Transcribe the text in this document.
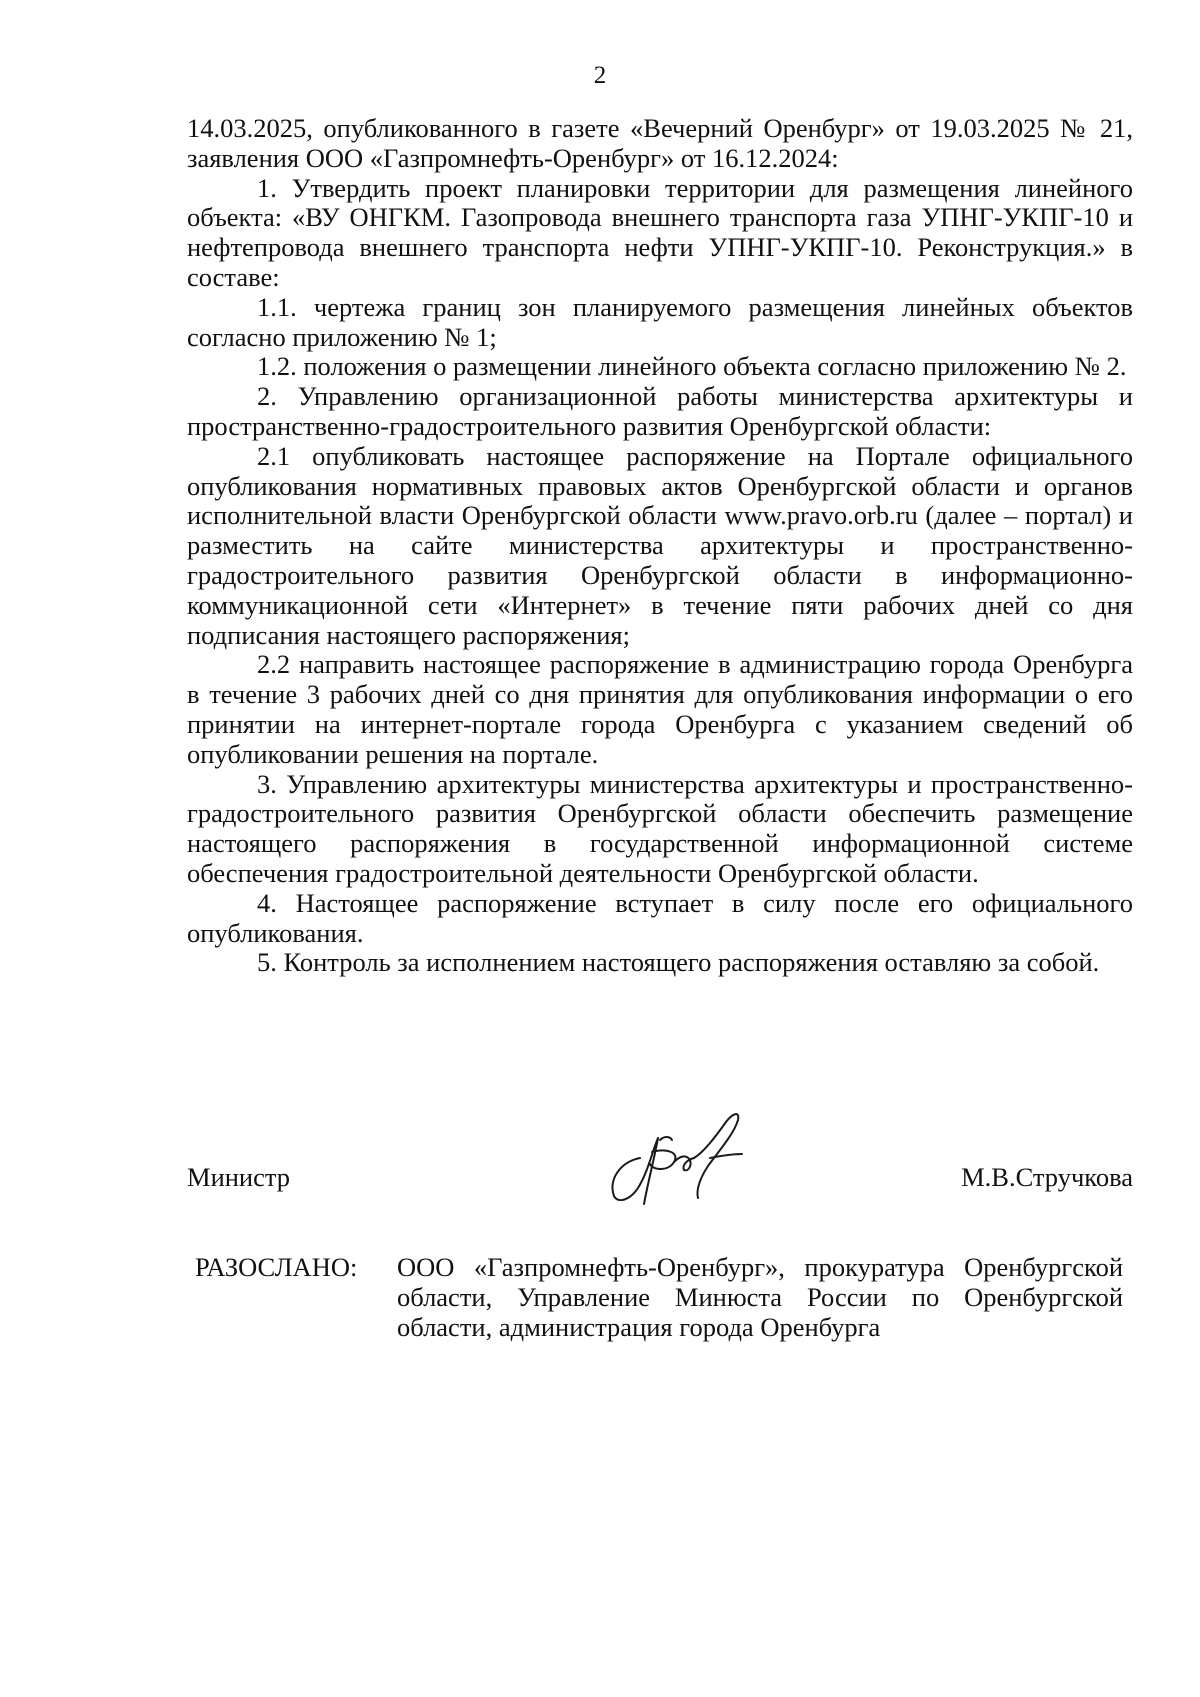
2

14.03.2025, опубликованного в газете «Вечерний Оренбург» от 19.03.2025 № 21, заявления ООО «Газпромнефть-Оренбург» от 16.12.2024:

1. Утвердить проект планировки территории для размещения линейного объекта: «ВУ ОНГКМ. Газопровода внешнего транспорта газа УПНГ-УКПГ-10 и нефтепровода внешнего транспорта нефти УПНГ-УКПГ-10. Реконструкция.» в составе:

1.1. чертежа границ зон планируемого размещения линейных объектов согласно приложению № 1;

1.2. положения о размещении линейного объекта согласно приложению № 2.

2. Управлению организационной работы министерства архитектуры и пространственно-градостроительного развития Оренбургской области:

2.1 опубликовать настоящее распоряжение на Портале официального опубликования нормативных правовых актов Оренбургской области и органов исполнительной власти Оренбургской области www.pravo.orb.ru (далее – портал) и разместить на сайте министерства архитектуры и пространственно-градостроительного развития Оренбургской области в информационно-коммуникационной сети «Интернет» в течение пяти рабочих дней со дня подписания настоящего распоряжения;

2.2 направить настоящее распоряжение в администрацию города Оренбурга в течение 3 рабочих дней со дня принятия для опубликования информации о его принятии на интернет-портале города Оренбурга с указанием сведений об опубликовании решения на портале.

3. Управлению архитектуры министерства архитектуры и пространственно-градостроительного развития Оренбургской области обеспечить размещение настоящего распоряжения в государственной информационной системе обеспечения градостроительной деятельности Оренбургской области.

4. Настоящее распоряжение вступает в силу после его официального опубликования.

5. Контроль за исполнением настоящего распоряжения оставляю за собой.

Министр	М.В.Стручкова
РАЗОСЛАНО: ООО «Газпромнефть-Оренбург», прокуратура Оренбургской области, Управление Минюста России по Оренбургской области, администрация города Оренбурга
